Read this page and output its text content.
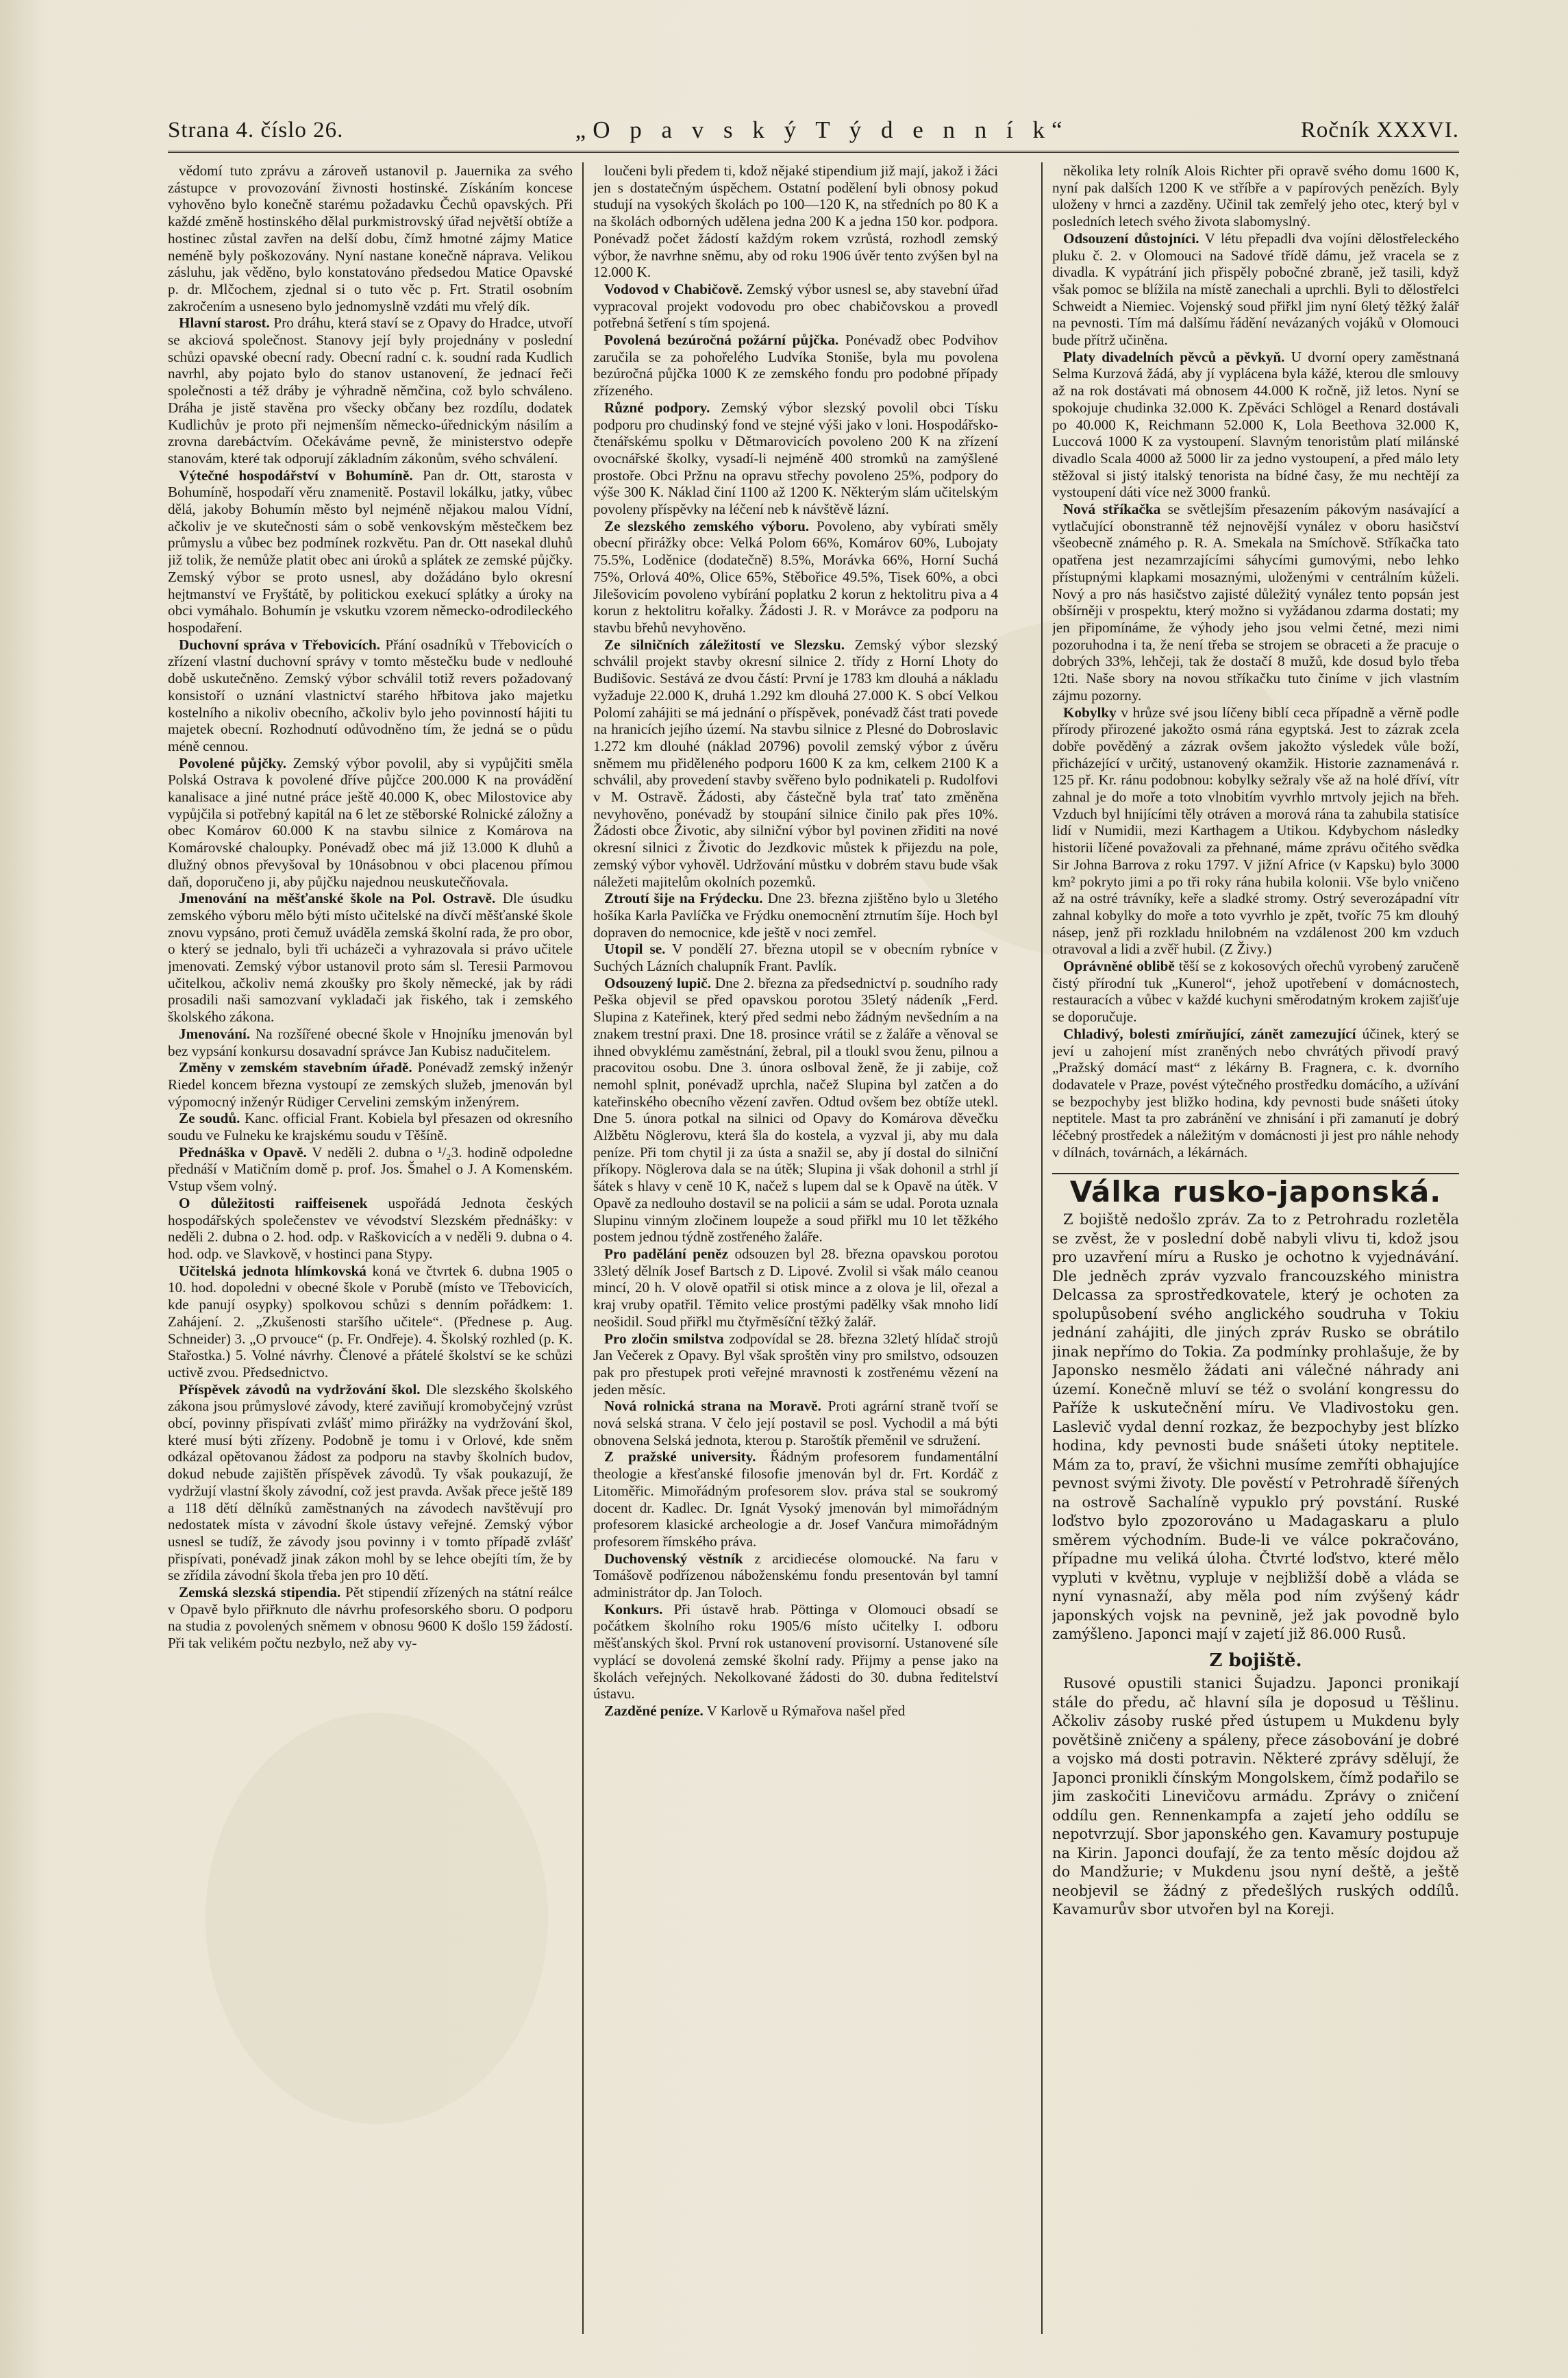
Strana 4. číslo 26.	„O p a v s k ý T ý d e n n í k“	Ročník XXXVI.

vědomí tuto zprávu a zároveň ustanovil p. Jauernika za svého zástupce v provozování živnosti hostinské. Získáním koncese vyhověno bylo konečně starému požadavku Čechů opavských. Při každé změně hostinského dělal purkmistrovský úřad největší obtíže a hostinec zůstal zavřen na delší dobu, čímž hmotné zájmy Matice neméně byly poškozovány. Nyní nastane konečně náprava. Velikou zásluhu, jak věděno, bylo konstatováno předsedou Matice Opavské p. dr. Mlčochem, zjednal si o tuto věc p. Frt. Stratil osobním zakročením a usneseno bylo jednomyslně vzdáti mu vřelý dík.

Hlavní starost. Pro dráhu, která staví se z Opavy do Hradce, utvoří se akciová společnost. Stanovy její byly projednány v poslední schůzi opavské obecní rady. Obecní radní c. k. soudní rada Kudlich navrhl, aby pojato bylo do stanov ustanovení, že jednací řeči společnosti a též dráby je výhradně němčina, což bylo schváleno. Dráha je jistě stavěna pro všecky občany bez rozdílu, dodatek Kudlichův je proto při nejmenším německo-úřednickým násilím a zrovna darebáctvím. Očekáváme pevně, že ministerstvo odepře stanovám, které tak odporují základním zákonům, svého schválení.

Výtečné hospodářství v Bohumíně. Pan dr. Ott, starosta v Bohumíně, hospodaří věru znamenitě. Postavil lokálku, jatky, vůbec dělá, jakoby Bohumín město byl nejméně nějakou malou Vídní, ačkoliv je ve skutečnosti sám o sobě venkovským městečkem bez průmyslu a vůbec bez podmínek rozkvětu. Pan dr. Ott nasekal dluhů již tolik, že nemůže platit obec ani úroků a splátek ze zemské půjčky. Zemský výbor se proto usnesl, aby dožádáno bylo okresní hejtmanství ve Fryštátě, by politickou exekucí splátky a úroky na obci vymáhalo. Bohumín je vskutku vzorem německo-odrodileckého hospodaření.

Duchovní správa v Třebovicích. Přání osadníků v Třebovicích o zřízení vlastní duchovní správy v tomto městečku bude v nedlouhé době uskutečněno. Zemský výbor schválil totiž revers požadovaný konsistoří o uznání vlastnictví starého hřbitova jako majetku kostelního a nikoliv obecního, ačkoliv bylo jeho povinností hájiti tu majetek obecní. Rozhodnutí odůvodněno tím, že jedná se o půdu méně cennou.

Povolené půjčky. Zemský výbor povolil, aby si vypůjčiti směla Polská Ostrava k povolené dříve půjčce 200.000 K na provádění kanalisace a jiné nutné práce ještě 40.000 K, obec Milostovice aby vypůjčila si potřebný kapitál na 6 let ze stěborské Rolnické záložny a obec Komárov 60.000 K na stavbu silnice z Komárova na Komárovské chaloupky. Ponévadž obec má již 13.000 K dluhů a dlužný obnos převyšoval by 10násobnou v obci placenou přímou daň, doporučeno ji, aby půjčku najednou neuskutečňovala.

Jmenování na měšťanské škole na Pol. Ostravě. Dle úsudku zemského výboru mělo býti místo učitelské na dívčí měšťanské škole znovu vypsáno, proti čemuž uváděla zemská školní rada, že pro obor, o který se jednalo, byli tři ucházeči a vyhrazovala si právo učitele jmenovati. Zemský výbor ustanovil proto sám sl. Teresii Parmovou učitelkou, ačkoliv nemá zkoušky pro školy německé, jak by rádi prosadili naši samozvaní vykladači jak řiského, tak i zemského školského zákona.

Jmenování. Na rozšířené obecné škole v Hnojníku jmenován byl bez vypsání konkursu dosavadní správce Jan Kubisz nadučitelem.

Změny v zemském stavebním úřadě. Ponévadž zemský inženýr Riedel koncem března vystoupí ze zemských služeb, jmenován byl výpomocný inženýr Rüdiger Cervelini zemským inženýrem.

Ze soudů. Kanc. official Frant. Kobiela byl přesazen od okresního soudu ve Fulneku ke krajskému soudu v Těšíně.

Přednáška v Opavě. V neděli 2. dubna o ¹/₂3. hodině odpoledne přednáší v Matičním domě p. prof. Jos. Šmahel o J. A Komenském. Vstup všem volný.

O důležitosti raiffeisenek uspořádá Jednota českých hospodářských společenstev ve vévodství Slezském přednášky: v neděli 2. dubna o 2. hod. odp. v Raškovicích a v neděli 9. dubna o 4. hod. odp. ve Slavkově, v hostinci pana Stypy.

Učitelská jednota hlímkovská koná ve čtvrtek 6. dubna 1905 o 10. hod. dopoledni v obecné škole v Porubě (místo ve Třebovicích, kde panují osypky) spolkovou schůzi s denním pořádkem: 1. Zahájení. 2. „Zkušenosti staršího učitele“. (Přednese p. Aug. Schneider) 3. „O prvouce“ (p. Fr. Ondřeje). 4. Školský rozhled (p. K. Stařostka.) 5. Volné návrhy. Členové a přátelé školství se ke schůzi uctivě zvou. Předsednictvo.

Příspěvek závodů na vydržování škol. Dle slezského školského zákona jsou průmyslové závody, které zaviňují kromobyčejný vzrůst obcí, povinny přispívati zvlášť mimo přirážky na vydržování škol, které musí býti zřízeny. Podobně je tomu i v Orlové, kde sněm odkázal opětovanou žádost za podporu na stavby školních budov, dokud nebude zajištěn příspěvek závodů. Ty však poukazují, že vydržují vlastní školy závodní, což jest pravda. Avšak přece ještě 189 a 118 dětí dělníků zaměstnaných na závodech navštěvují pro nedostatek místa v závodní škole ústavy veřejné. Zemský výbor usnesl se tudíž, že závody jsou povinny i v tomto případě zvlášť přispívati, ponévadž jinak zákon mohl by se lehce obejíti tím, že by se zřídila závodní škola třeba jen pro 10 dětí.

Zemská slezská stipendia. Pět stipendií zřízených na státní reálce v Opavě bylo přiřknuto dle návrhu profesorského sboru. O podporu na studia z povolených sněmem v obnosu 9600 K došlo 159 žádostí. Při tak velikém počtu nezbylo, než aby vy-

loučeni byli předem ti, kdož nějaké stipendium již mají, jakož i žáci jen s dostatečným úspěchem. Ostatní podělení byli obnosy pokud studují na vysokých školách po 100—120 K, na středních po 80 K a na školách odborných udělena jedna 200 K a jedna 150 kor. podpora. Ponévadž počet žádostí každým rokem vzrůstá, rozhodl zemský výbor, že navrhne sněmu, aby od roku 1906 úvěr tento zvýšen byl na 12.000 K.

Vodovod v Chabičově. Zemský výbor usnesl se, aby stavební úřad vypracoval projekt vodovodu pro obec chabičovskou a provedl potřebná šetření s tím spojená.

Povolená bezúročná požární půjčka. Ponévadž obec Podvihov zaručila se za pohořelého Ludvíka Stoniše, byla mu povolena bezúročná půjčka 1000 K ze zemského fondu pro podobné případy zřízeného.

Různé podpory. Zemský výbor slezský povolil obci Tísku podporu pro chudinský fond ve stejné výši jako v loni. Hospodářsko-čtenářskému spolku v Dětmarovicích povoleno 200 K na zřízení ovocnářské školky, vysadí-li nejméně 400 stromků na zamýšlené prostoře. Obci Pržnu na opravu střechy povoleno 25%, podpory do výše 300 K. Náklad činí 1100 až 1200 K. Některým slám učitelským povoleny příspěvky na léčení neb k návštěvě lázní.

Ze slezského zemského výboru. Povoleno, aby vybírati směly obecní přirážky obce: Velká Polom 66%, Komárov 60%, Lubojaty 75.5%, Loděnice (dodatečně) 8.5%, Morávka 66%, Horní Suchá 75%, Orlová 40%, Olice 65%, Stěbořice 49.5%, Tisek 60%, a obci Jilešovicím povoleno vybírání poplatku 2 korun z hektolitru piva a 4 korun z hektolitru kořalky. Žádosti J. R. v Morávce za podporu na stavbu břehů nevyhověno.

Ze silničních záležitostí ve Slezsku. Zemský výbor slezský schválil projekt stavby okresní silnice 2. třídy z Horní Lhoty do Budišovic. Sestává ze dvou částí: První je 1783 km dlouhá a nákladu vyžaduje 22.000 K, druhá 1.292 km dlouhá 27.000 K. S obcí Velkou Polomí zahájiti se má jednání o příspěvek, ponévadž část trati povede na hranicích jejího území. Na stavbu silnice z Plesné do Dobroslavic 1.272 km dlouhé (náklad 20796) povolil zemský výbor z úvěru sněmem mu přiděleného podporu 1600 K za km, celkem 2100 K a schválil, aby provedení stavby svěřeno bylo podnikateli p. Rudolfovi v M. Ostravě. Žádosti, aby částečně byla trať tato změněna nevyhověno, ponévadž by stoupání silnice činilo pak přes 10%. Žádosti obce Životic, aby silniční výbor byl povinen zřiditi na nové okresní silnici z Životic do Jezdkovic můstek k přijezdu na pole, zemský výbor vyhověl. Udržování můstku v dobrém stavu bude však náležeti majitelům okolních pozemků.

Ztroutí šije na Frýdecku. Dne 23. března zjištěno bylo u 3letého hošíka Karla Pavlíčka ve Frýdku onemocnění ztrnutím šíje. Hoch byl dopraven do nemocnice, kde ještě v noci zemřel.

Utopil se. V pondělí 27. března utopil se v obecním rybníce v Suchých Lázních chalupník Frant. Pavlík.

Odsouzený lupič. Dne 2. března za předsednictví p. soudního rady Peška objevil se před opavskou porotou 35letý nádeník „Ferd. Slupina z Kateřinek, který před sedmi nebo žádným nevšedním a na znakem trestní praxi. Dne 18. prosince vrátil se z žaláře a věnoval se ihned obvyklému zaměstnání, žebral, pil a tloukl svou ženu, pilnou a pracovitou osobu. Dne 3. února oslboval ženě, že ji zabije, což nemohl splnit, ponévadž uprchla, načež Slupina byl zatčen a do kateřinského obecního vězení zavřen. Odtud ovšem bez obtíže utekl. Dne 5. února potkal na silnici od Opavy do Komárova děvečku Alžbětu Nöglerovu, která šla do kostela, a vyzval ji, aby mu dala peníze. Při tom chytil ji za ústa a snažil se, aby jí dostal do silniční příkopy. Nöglerova dala se na útěk; Slupina ji však dohonil a strhl jí šátek s hlavy v ceně 10 K, načež s lupem dal se k Opavě na útěk. V Opavě za nedlouho dostavil se na policii a sám se udal. Porota uznala Slupinu vinným zločinem loupeže a soud přiřkl mu 10 let těžkého postem jednou týdně zostřeného žaláře.

Pro padělání peněz odsouzen byl 28. března opavskou porotou 33letý dělník Josef Bartsch z D. Lipové. Zvolil si však málo ceanou mincí, 20 h. V olově opatřil si otisk mince a z olova je lil, ořezal a kraj vruby opatřil. Těmito velice prostými padělky však mnoho lidí neošidil. Soud přiřkl mu čtyřměsíční těžký žalář.

Pro zločin smilstva zodpovídal se 28. března 32letý hlídač strojů Jan Večerek z Opavy. Byl však sproštěn viny pro smilstvo, odsouzen pak pro přestupek proti veřejné mravnosti k zostřenému vězení na jeden měsíc.

Nová rolnická strana na Moravě. Proti agrární straně tvoří se nová selská strana. V čelo její postavil se posl. Vychodil a má býti obnovena Selská jednota, kterou p. Staroštík přeměnil ve sdružení.

Z pražské university. Řádným profesorem fundamentální theologie a křesťanské filosofie jmenován byl dr. Frt. Kordáč z Litoměřic. Mimořádným profesorem slov. práva stal se soukromý docent dr. Kadlec. Dr. Ignát Vysoký jmenován byl mimořádným profesorem klasické archeologie a dr. Josef Vančura mimořádným profesorem římského práva.

Duchovenský věstník z arcidiecése olomoucké. Na faru v Tomášově podřízenou náboženskému fondu presentován byl tamní administrátor dp. Jan Toloch.

Konkurs. Při ústavě hrab. Pöttinga v Olomouci obsadí se počátkem školního roku 1905/6 místo učitelky I. odboru měšťanských škol. První rok ustanovení provisorní. Ustanovené síle vyplácí se dovolená zemské školní rady. Přijmy a pense jako na školách veřejných. Nekolkované žádosti do 30. dubna ředitelství ústavu.

Zazděné peníze. V Karlově u Rýmařova našel před

několika lety rolník Alois Richter při opravě svého domu 1600 K, nyní pak dalších 1200 K ve stříbře a v papírových penězích. Byly uloženy v hrnci a zazděny. Učinil tak zemřelý jeho otec, který byl v posledních letech svého života slabomyslný.

Odsouzení důstojníci. V létu přepadli dva vojíni dělostřeleckého pluku č. 2. v Olomouci na Sadové třídě dámu, jež vracela se z divadla. K vypátrání jich přispěly pobočné zbraně, jež tasili, když však pomoc se blížila na místě zanechali a uprchli. Byli to dělostřelci Schweidt a Niemiec. Vojenský soud přiřkl jim nyní 6letý těžký žalář na pevnosti. Tím má dalšímu řádění nevázaných vojáků v Olomouci bude přítrž učiněna.

Platy divadelních pěvců a pěvkyň. U dvorní opery zaměstnaná Selma Kurzová žádá, aby jí vyplácena byla kážé, kterou dle smlouvy až na rok dostávati má obnosem 44.000 K ročně, již letos. Nyní se spokojuje chudinka 32.000 K. Zpěváci Schlögel a Renard dostávali po 40.000 K, Reichmann 52.000 K, Lola Beethova 32.000 K, Luccová 1000 K za vystoupení. Slavným tenoristům platí milánské divadlo Scala 4000 až 5000 lir za jedno vystoupení, a před málo lety stěžoval si jistý italský tenorista na bídné časy, že mu nechtějí za vystoupení dáti více než 3000 franků.

Nová stříkačka se světlejším přesazením pákovým nasávající a vytlačující obonstranně též nejnovější vynález v oboru hasičství všeobecně známého p. R. A. Smekala na Smíchově. Stříkačka tato opatřena jest nezamrzajícími sáhycími gumovými, nebo lehko přístupnými klapkami mosaznými, uloženými v centrálním kůželi. Nový a pro nás hasičstvo zajisté důležitý vynález tento popsán jest obšírněji v prospektu, který možno si vyžádanou zdarma dostati; my jen připomínáme, že výhody jeho jsou velmi četné, mezi nimi pozoruhodna i ta, že není třeba se strojem se obraceti a že pracuje o dobrých 33%, lehčeji, tak že dostačí 8 mužů, kde dosud bylo třeba 12ti. Naše sbory na novou stříkačku tuto činíme v jich vlastním zájmu pozorny.

Kobylky v hrůze své jsou líčeny biblí ceca případně a věrně podle přírody přirozené jakožto osmá rána egyptská. Jest to zázrak zcela dobře pověděný a zázrak ovšem jakožto výsledek vůle boží, přicházející v určitý, ustanovený okamžik. Historie zaznamenává r. 125 př. Kr. ránu podobnou: kobylky sežraly vše až na holé dříví, vítr zahnal je do moře a toto vlnobitím vyvrhlo mrtvoly jejich na břeh. Vzduch byl hnijícími těly otráven a morová rána ta zahubila statisíce lidí v Numidii, mezi Karthagem a Utikou. Kdybychom následky historii líčené považovali za přehnané, máme zprávu očitého svědka Sir Johna Barrova z roku 1797. V jižní Africe (v Kapsku) bylo 3000 km² pokryto jimi a po tři roky rána hubila kolonii. Vše bylo vničeno až na ostré trávníky, keře a sladké stromy. Ostrý severozápadní vítr zahnal kobylky do moře a toto vyvrhlo je zpět, tvoříc 75 km dlouhý násep, jenž při rozkladu hnilobném na vzdálenost 200 km vzduch otravoval a lidi a zvěř hubil. (Z Živy.)

Oprávněné oblibě těší se z kokosových ořechů vyrobený zaručeně čistý přírodní tuk „Kunerol“, jehož upotřebení v domácnostech, restauracích a vůbec v každé kuchyni směrodatným krokem zajišťuje se doporučuje.

Chladivý, bolesti zmírňující, zánět zamezující účinek, který se jeví u zahojení míst zraněných nebo chvrátých přivodí pravý „Pražský domácí mast“ z lékárny B. Fragnera, c. k. dvorního dodavatele v Praze, povést výtečného prostředku domácího, a užívání se bezpochyby jest bližko hodina, kdy pevnosti bude snášeti útoky neptitele. Mast ta pro zabránění ve zhnisání i při zamanutí je dobrý léčebný prostředek a náležitým v domácnosti ji jest pro náhle nehody v dílnách, továrnách, a lékárnách.

Válka rusko-japonská.

Z bojiště nedošlo zpráv. Za to z Petrohradu rozletěla se zvěst, že v poslední době nabyli vlivu ti, kdož jsou pro uzavření míru a Rusko je ochotno k vyjednávání. Dle jedněch zpráv vyzvalo francouzského ministra Delcassa za sprostředkovatele, který je ochoten za spolupůsobení svého anglického soudruha v Tokiu jednání zahájiti, dle jiných zpráv Rusko se obrátilo jinak nepřímo do Tokia. Za podmínky prohlašuje, že by Japonsko nesmělo žádati ani válečné náhrady ani území. Konečně mluví se též o svolání kongressu do Paříže k uskutečnění míru. Ve Vladivostoku gen. Laslevič vydal denní rozkaz, že bezpochyby jest blízko hodina, kdy pevnosti bude snášeti útoky neptitele. Mám za to, praví, že všichni musíme zemříti obhajujíce pevnost svými životy. Dle pověstí v Petrohradě šířených na ostrově Sachalíně vypuklo prý povstání. Ruské loďstvo bylo zpozorováno u Madagaskaru a plulo směrem východním. Bude-li ve válce pokračováno, případne mu veliká úloha. Čtvrté loďstvo, které mělo vypluti v květnu, vypluje v nejbližší době a vláda se nyní vynasnaží, aby měla pod ním zvýšený kádr japonských vojsk na pevnině, jež jak povodně bylo zamýšleno. Japonci mají v zajetí již 86.000 Rusů.

Z bojiště.

Rusové opustili stanici Šujadzu. Japonci pronikají stále do předu, ač hlavní síla je doposud u Těšlinu. Ačkoliv zásoby ruské před ústupem u Mukdenu byly povětšině zničeny a spáleny, přece zásobování je dobré a vojsko má dosti potravin. Některé zprávy sdělují, že Japonci pronikli čínským Mongolskem, čímž podařilo se jim zaskočiti Linevičovu armádu. Zprávy o zničení oddílu gen. Rennenkampfa a zajetí jeho oddílu se nepotvrzují. Sbor japonského gen. Kavamury postupuje na Kirin. Japonci doufají, že za tento měsíc dojdou až do Mandžurie; v Mukdenu jsou nyní deště, a ještě neobjevil se žádný z předešlých ruských oddílů. Kavamurův sbor utvořen byl na Koreji.
